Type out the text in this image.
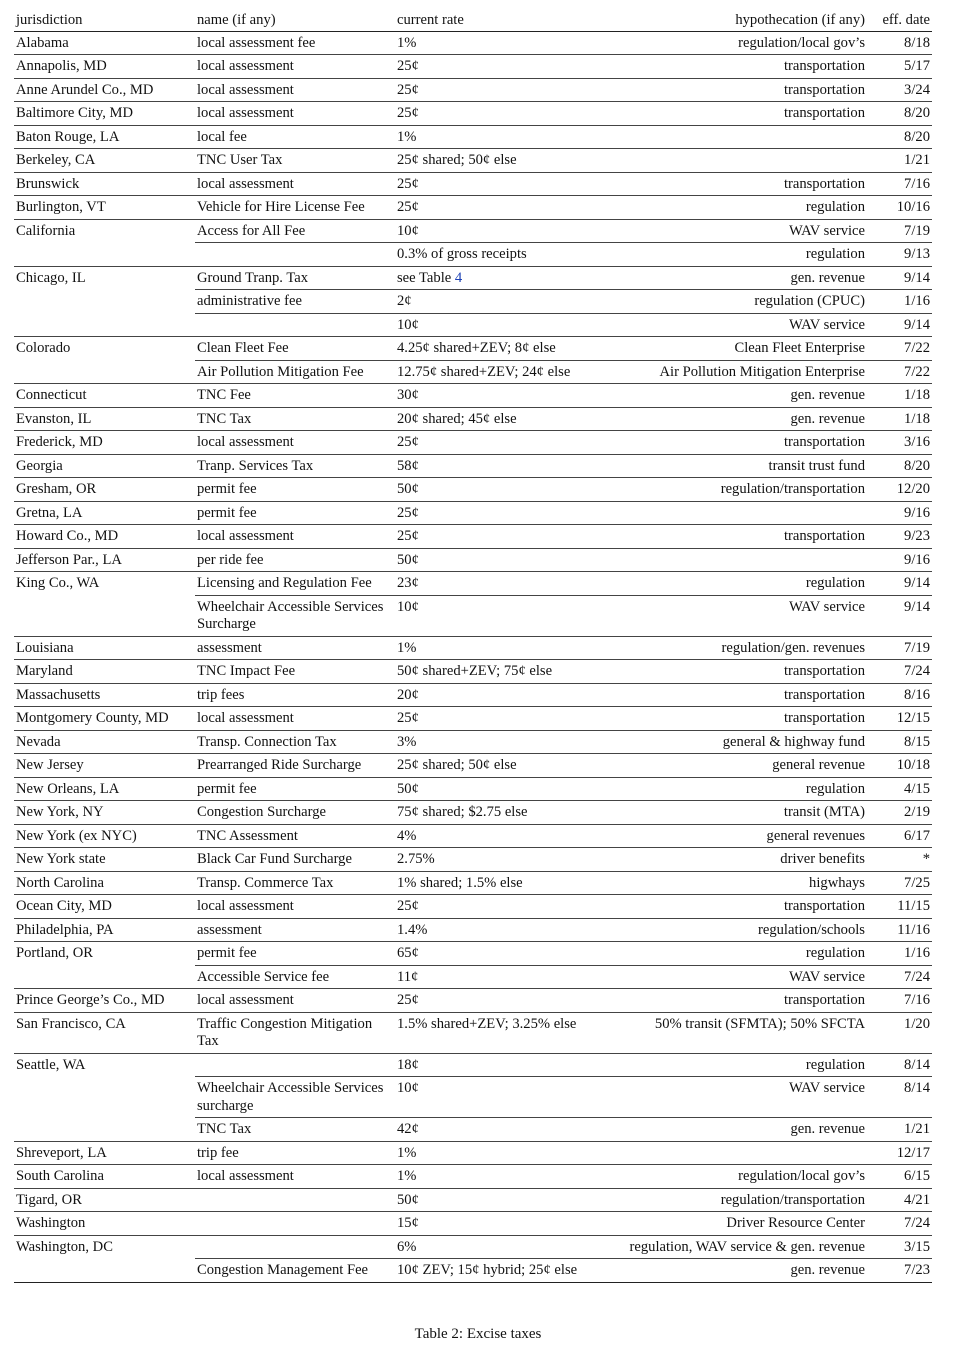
jurisdiction	name (if any)	current rate	hypothecation (if any)	eff. date
Alabama	local assessment fee	1%	regulation/local gov’s	8/18
Annapolis, MD	local assessment	25¢	transportation	5/17
Anne Arundel Co., MD	local assessment	25¢	transportation	3/24
Baltimore City, MD	local assessment	25¢	transportation	8/20
Baton Rouge, LA	local fee	1%		8/20
Berkeley, CA	TNC User Tax	25¢ shared; 50¢ else		1/21
Brunswick	local assessment	25¢	transportation	7/16
Burlington, VT	Vehicle for Hire License Fee	25¢	regulation	10/16
California	Access for All Fee	10¢	WAV service	7/19
		0.3% of gross receipts	regulation	9/13
Chicago, IL	Ground Tranp. Tax	see Table 4	gen. revenue	9/14
	administrative fee	2¢	regulation (CPUC)	1/16
		10¢	WAV service	9/14
Colorado	Clean Fleet Fee	4.25¢ shared+ZEV; 8¢ else	Clean Fleet Enterprise	7/22
	Air Pollution Mitigation Fee	12.75¢ shared+ZEV; 24¢ else	Air Pollution Mitigation Enterprise	7/22
Connecticut	TNC Fee	30¢	gen. revenue	1/18
Evanston, IL	TNC Tax	20¢ shared; 45¢ else	gen. revenue	1/18
Frederick, MD	local assessment	25¢	transportation	3/16
Georgia	Tranp. Services Tax	58¢	transit trust fund	8/20
Gresham, OR	permit fee	50¢	regulation/transportation	12/20
Gretna, LA	permit fee	25¢		9/16
Howard Co., MD	local assessment	25¢	transportation	9/23
Jefferson Par., LA	per ride fee	50¢		9/16
King Co., WA	Licensing and Regulation Fee	23¢	regulation	9/14
	Wheelchair Accessible Services Surcharge	10¢	WAV service	9/14
Louisiana	assessment	1%	regulation/gen. revenues	7/19
Maryland	TNC Impact Fee	50¢ shared+ZEV; 75¢ else	transportation	7/24
Massachusetts	trip fees	20¢	transportation	8/16
Montgomery County, MD	local assessment	25¢	transportation	12/15
Nevada	Transp. Connection Tax	3%	general & highway fund	8/15
New Jersey	Prearranged Ride Surcharge	25¢ shared; 50¢ else	general revenue	10/18
New Orleans, LA	permit fee	50¢	regulation	4/15
New York, NY	Congestion Surcharge	75¢ shared; $2.75 else	transit (MTA)	2/19
New York (ex NYC)	TNC Assessment	4%	general revenues	6/17
New York state	Black Car Fund Surcharge	2.75%	driver benefits	*
North Carolina	Transp. Commerce Tax	1% shared; 1.5% else	higwhays	7/25
Ocean City, MD	local assessment	25¢	transportation	11/15
Philadelphia, PA	assessment	1.4%	regulation/schools	11/16
Portland, OR	permit fee	65¢	regulation	1/16
	Accessible Service fee	11¢	WAV service	7/24
Prince George’s Co., MD	local assessment	25¢	transportation	7/16
San Francisco, CA	Traffic Congestion Mitigation Tax	1.5% shared+ZEV; 3.25% else	50% transit (SFMTA); 50% SFCTA	1/20
Seattle, WA		18¢	regulation	8/14
	Wheelchair Accessible Services surcharge	10¢	WAV service	8/14
	TNC Tax	42¢	gen. revenue	1/21
Shreveport, LA	trip fee	1%		12/17
South Carolina	local assessment	1%	regulation/local gov’s	6/15
Tigard, OR		50¢	regulation/transportation	4/21
Washington		15¢	Driver Resource Center	7/24
Washington, DC		6%	regulation, WAV service & gen. revenue	3/15
	Congestion Management Fee	10¢ ZEV; 15¢ hybrid; 25¢ else	gen. revenue	7/23
Table 2: Excise taxes
